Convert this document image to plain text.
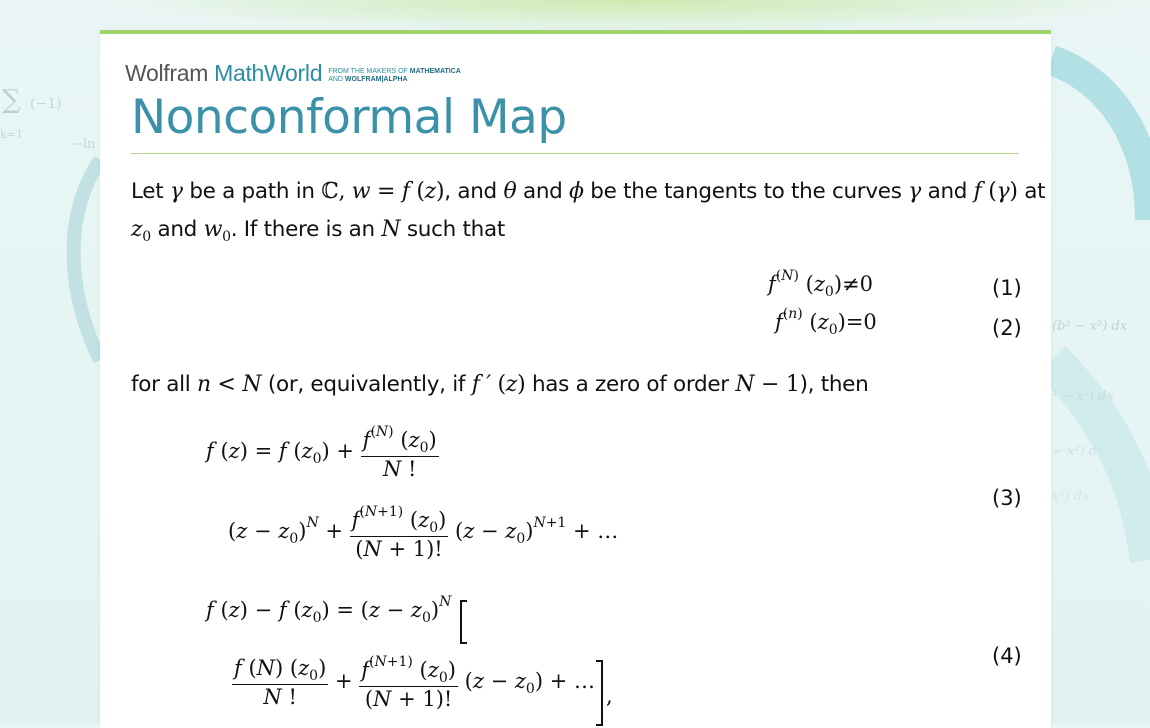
∑ (−1)
k=1
−ln
(b² − x²) dx
² − x²) dx
− x²) dx
x²) dx
Wolfram MathWorld FROM THE MAKERS OF MATHEMATICA
AND WOLFRAM|ALPHA
Nonconformal Map
Let γ be a path in ℂ, w = f (z), and θ and ϕ be the tangents to the curves γ and f (γ) at
$z_0$ and $w_0$. If there is an N such that
$f^{(N)}$ $(z_0)\ne 0$	(1)
$f^{(n)}$ $(z_0)=0$	(2)
for all n < N (or, equivalently, if f ′ (z) has a zero of order N − 1), then
f (z) = f $(z_0) + \frac{f^{(N)} (z_0)}{N !}$
$(z - z_0)^N + \frac{f^{(N+1)} (z_0)}{(N + 1)!} (z - z_0)^{N+1}$ + …
(3)
f (z) − f $(z_0) = (z - z_0)^N$
$\frac{f (N) (z_0)}{N !} + \frac{f^{(N+1)} (z_0)}{(N + 1)!} (z - z_0)$ + …
,
(4)
